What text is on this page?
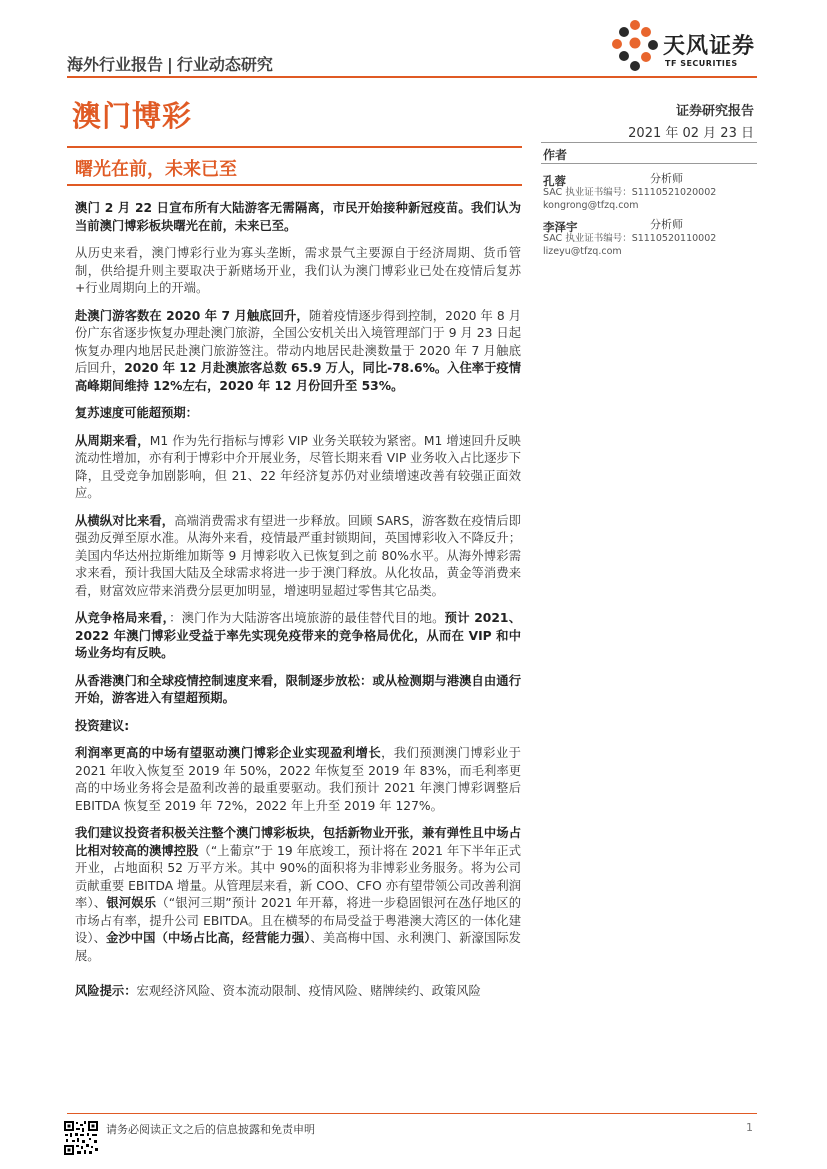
海外行业报告 | 行业动态研究
天风证券
TF SECURITIES
澳门博彩	证券研究报告
2021 年 02 月 23 日
曙光在前，未来已至
作者
孔蓉	分析师
SAC 执业证书编号：S1110521020002
kongrong@tfzq.com
李泽宇	分析师
SAC 执业证书编号：S1110520110002
lizeyu@tfzq.com

澳门 2 月 22 日宣布所有大陆游客无需隔离，市民开始接种新冠疫苗。我们认为当前澳门博彩板块曙光在前，未来已至。

从历史来看，澳门博彩行业为寡头垄断，需求景气主要源自于经济周期、货币管制，供给提升则主要取决于新赌场开业，我们认为澳门博彩业已处在疫情后复苏+行业周期向上的开端。

赴澳门游客数在 2020 年 7 月触底回升，随着疫情逐步得到控制，2020 年 8 月份广东省逐步恢复办理赴澳门旅游，全国公安机关出入境管理部门于 9 月 23 日起恢复办理内地居民赴澳门旅游签注。带动内地居民赴澳数量于 2020 年 7 月触底后回升，2020 年 12 月赴澳旅客总数 65.9 万人，同比-78.6%。入住率于疫情高峰期间维持 12%左右，2020 年 12 月份回升至 53%。

复苏速度可能超预期：

从周期来看，M1 作为先行指标与博彩 VIP 业务关联较为紧密。M1 增速回升反映流动性增加，亦有利于博彩中介开展业务，尽管长期来看 VIP 业务收入占比逐步下降，且受竞争加剧影响，但 21、22 年经济复苏仍对业绩增速改善有较强正面效应。

从横纵对比来看，高端消费需求有望进一步释放。回顾 SARS，游客数在疫情后即强劲反弹至原水准。从海外来看，疫情最严重封锁期间，英国博彩收入不降反升；美国内华达州拉斯维加斯等 9 月博彩收入已恢复到之前 80%水平。从海外博彩需求来看，预计我国大陆及全球需求将进一步于澳门释放。从化妆品，黄金等消费来看，财富效应带来消费分层更加明显，增速明显超过零售其它品类。

从竞争格局来看，：澳门作为大陆游客出境旅游的最佳替代目的地。预计 2021、2022 年澳门博彩业受益于率先实现免疫带来的竞争格局优化，从而在 VIP 和中场业务均有反映。

从香港澳门和全球疫情控制速度来看，限制逐步放松：或从检测期与港澳自由通行开始，游客进入有望超预期。

投资建议:

利润率更高的中场有望驱动澳门博彩企业实现盈利增长，我们预测澳门博彩业于 2021 年收入恢复至 2019 年 50%，2022 年恢复至 2019 年 83%，而毛利率更高的中场业务将会是盈利改善的最重要驱动。我们预计 2021 年澳门博彩调整后 EBITDA 恢复至 2019 年 72%，2022 年上升至 2019 年 127%。

我们建议投资者积极关注整个澳门博彩板块，包括新物业开张，兼有弹性且中场占比相对较高的澳博控股（“上葡京”于 19 年底竣工，预计将在 2021 年下半年正式开业，占地面积 52 万平方米。其中 90%的面积将为非博彩业务服务。将为公司贡献重要 EBITDA 增量。从管理层来看，新 COO、CFO 亦有望带领公司改善利润率）、银河娱乐（“银河三期”预计 2021 年开幕，将进一步稳固银河在氹仔地区的市场占有率，提升公司 EBITDA。且在横琴的布局受益于粤港澳大湾区的一体化建设）、金沙中国（中场占比高，经营能力强）、美高梅中国、永利澳门、新濠国际发展。

风险提示：宏观经济风险、资本流动限制、疫情风险、赌牌续约、政策风险

请务必阅读正文之后的信息披露和免责申明	1
